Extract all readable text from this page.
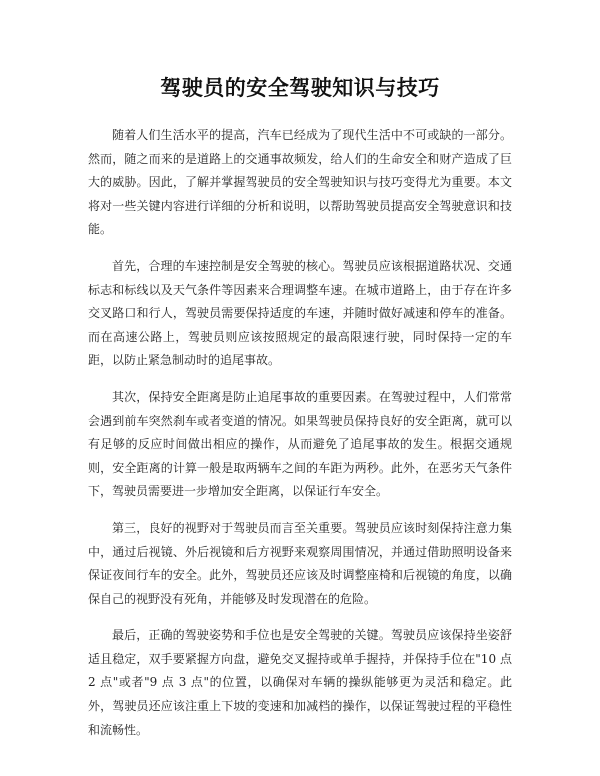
驾驶员的安全驾驶知识与技巧

随着人们生活水平的提高，汽车已经成为了现代生活中不可或缺的一部分。然而，随之而来的是道路上的交通事故频发，给人们的生命安全和财产造成了巨大的威胁。因此，了解并掌握驾驶员的安全驾驶知识与技巧变得尤为重要。本文将对一些关键内容进行详细的分析和说明，以帮助驾驶员提高安全驾驶意识和技能。

首先，合理的车速控制是安全驾驶的核心。驾驶员应该根据道路状况、交通标志和标线以及天气条件等因素来合理调整车速。在城市道路上，由于存在许多交叉路口和行人，驾驶员需要保持适度的车速，并随时做好减速和停车的准备。而在高速公路上，驾驶员则应该按照规定的最高限速行驶，同时保持一定的车距，以防止紧急制动时的追尾事故。

其次，保持安全距离是防止追尾事故的重要因素。在驾驶过程中，人们常常会遇到前车突然刹车或者变道的情况。如果驾驶员保持良好的安全距离，就可以有足够的反应时间做出相应的操作，从而避免了追尾事故的发生。根据交通规则，安全距离的计算一般是取两辆车之间的车距为两秒。此外，在恶劣天气条件下，驾驶员需要进一步增加安全距离，以保证行车安全。

第三，良好的视野对于驾驶员而言至关重要。驾驶员应该时刻保持注意力集中，通过后视镜、外后视镜和后方视野来观察周围情况，并通过借助照明设备来保证夜间行车的安全。此外，驾驶员还应该及时调整座椅和后视镜的角度，以确保自己的视野没有死角，并能够及时发现潜在的危险。

最后，正确的驾驶姿势和手位也是安全驾驶的关键。驾驶员应该保持坐姿舒适且稳定，双手要紧握方向盘，避免交叉握持或单手握持，并保持手位在"10 点 2 点"或者"9 点 3 点"的位置，以确保对车辆的操纵能够更为灵活和稳定。此外，驾驶员还应该注重上下坡的变速和加减档的操作，以保证驾驶过程的平稳性和流畅性。
